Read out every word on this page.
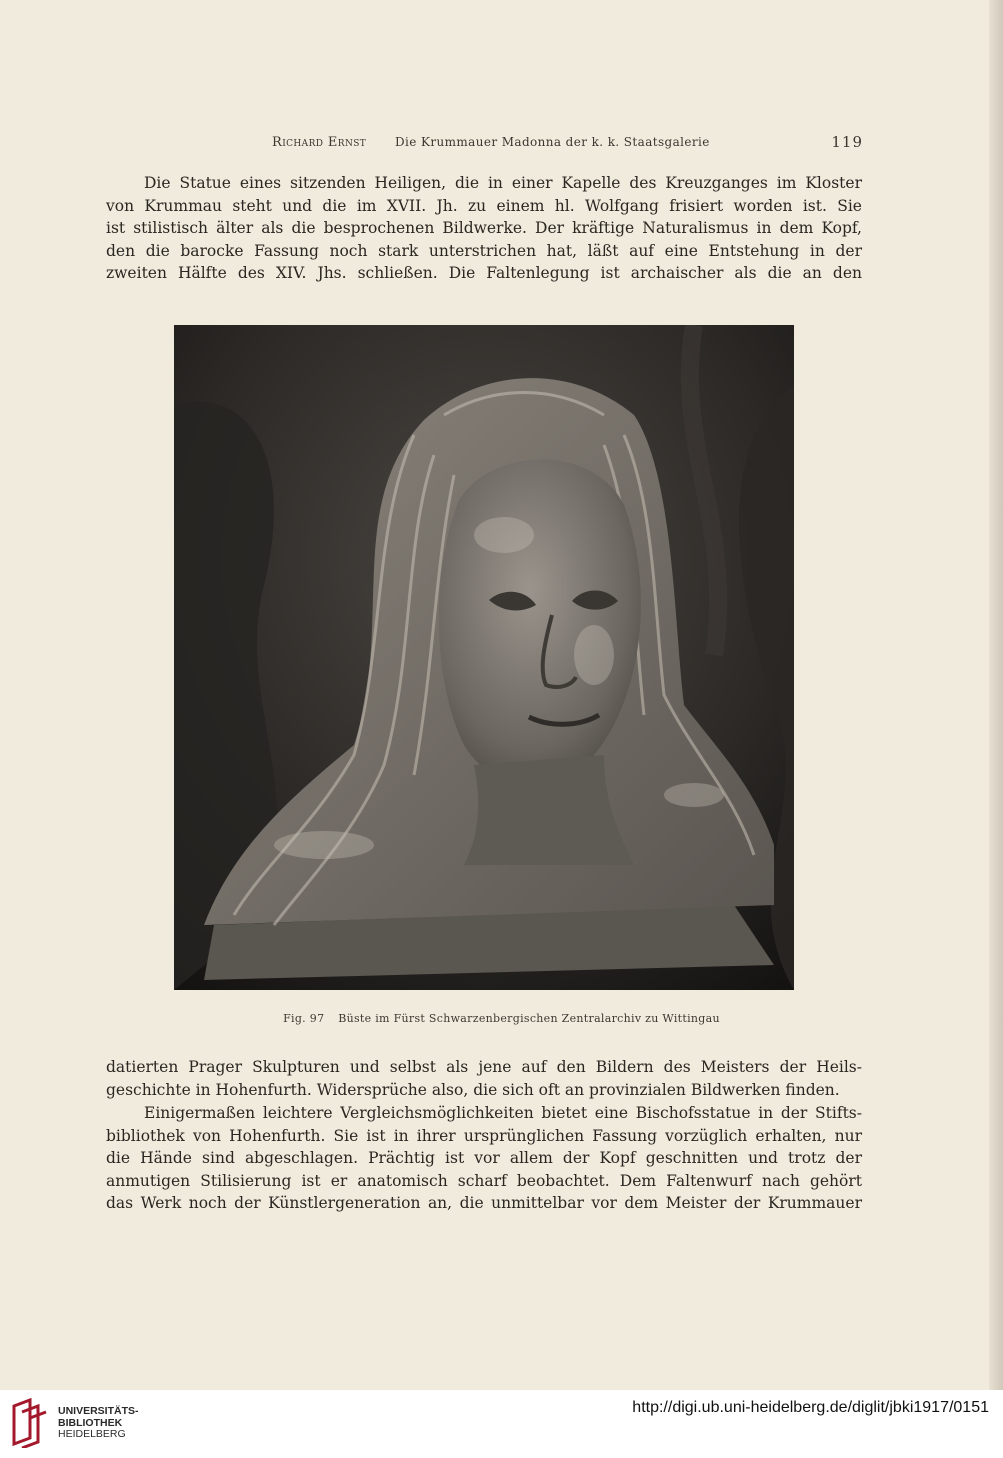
Richard Ernst Die Krummauer Madonna der k. k. Staatsgalerie	119

Die Statue eines sitzenden Heiligen, die in einer Kapelle des Kreuzganges im Kloster
von Krummau steht und die im XVII. Jh. zu einem hl. Wolfgang frisiert worden ist. Sie
ist stilistisch älter als die besprochenen Bildwerke. Der kräftige Naturalismus in dem Kopf,
den die barocke Fassung noch stark unterstrichen hat, läßt auf eine Entstehung in der
zweiten Hälfte des XIV. Jhs. schließen. Die Faltenlegung ist archaischer als die an den

Fig. 97 Büste im Fürst Schwarzenbergischen Zentralarchiv zu Wittingau

datierten Prager Skulpturen und selbst als jene auf den Bildern des Meisters der Heils-
geschichte in Hohenfurth. Widersprüche also, die sich oft an provinzialen Bildwerken finden.

Einigermaßen leichtere Vergleichsmöglichkeiten bietet eine Bischofsstatue in der Stifts-
bibliothek von Hohenfurth. Sie ist in ihrer ursprünglichen Fassung vorzüglich erhalten, nur
die Hände sind abgeschlagen. Prächtig ist vor allem der Kopf geschnitten und trotz der
anmutigen Stilisierung ist er anatomisch scharf beobachtet. Dem Faltenwurf nach gehört
das Werk noch der Künstlergeneration an, die unmittelbar vor dem Meister der Krummauer

UNIVERSITÄTS-
BIBLIOTHEK
HEIDELBERG
http://digi.ub.uni-heidelberg.de/diglit/jbki1917/0151
